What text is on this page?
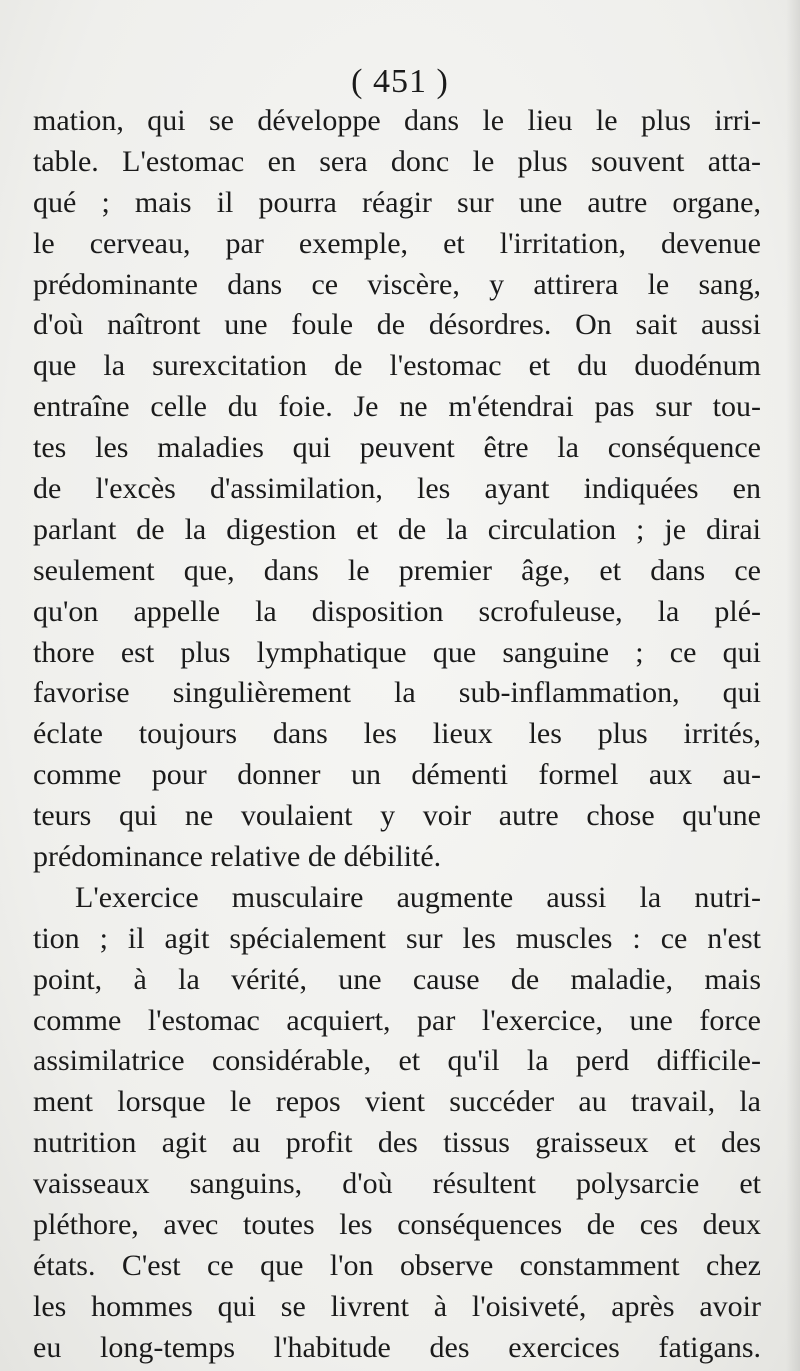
( 451 )
mation, qui se développe dans le lieu le plus irri-
table. L'estomac en sera donc le plus souvent atta-
qué ; mais il pourra réagir sur une autre organe,
le cerveau, par exemple, et l'irritation, devenue
prédominante dans ce viscère, y attirera le sang,
d'où naîtront une foule de désordres. On sait aussi
que la surexcitation de l'estomac et du duodénum
entraîne celle du foie. Je ne m'étendrai pas sur tou-
tes les maladies qui peuvent être la conséquence
de l'excès d'assimilation, les ayant indiquées en
parlant de la digestion et de la circulation ; je dirai
seulement que, dans le premier âge, et dans ce
qu'on appelle la disposition scrofuleuse, la plé-
thore est plus lymphatique que sanguine ; ce qui
favorise singulièrement la sub-inflammation, qui
éclate toujours dans les lieux les plus irrités,
comme pour donner un démenti formel aux au-
teurs qui ne voulaient y voir autre chose qu'une
prédominance relative de débilité.
L'exercice musculaire augmente aussi la nutri-
tion ; il agit spécialement sur les muscles : ce n'est
point, à la vérité, une cause de maladie, mais
comme l'estomac acquiert, par l'exercice, une force
assimilatrice considérable, et qu'il la perd difficile-
ment lorsque le repos vient succéder au travail, la
nutrition agit au profit des tissus graisseux et des
vaisseaux sanguins, d'où résultent polysarcie et
pléthore, avec toutes les conséquences de ces deux
états. C'est ce que l'on observe constamment chez
les hommes qui se livrent à l'oisiveté, après avoir
eu long-temps l'habitude des exercices fatigans.
